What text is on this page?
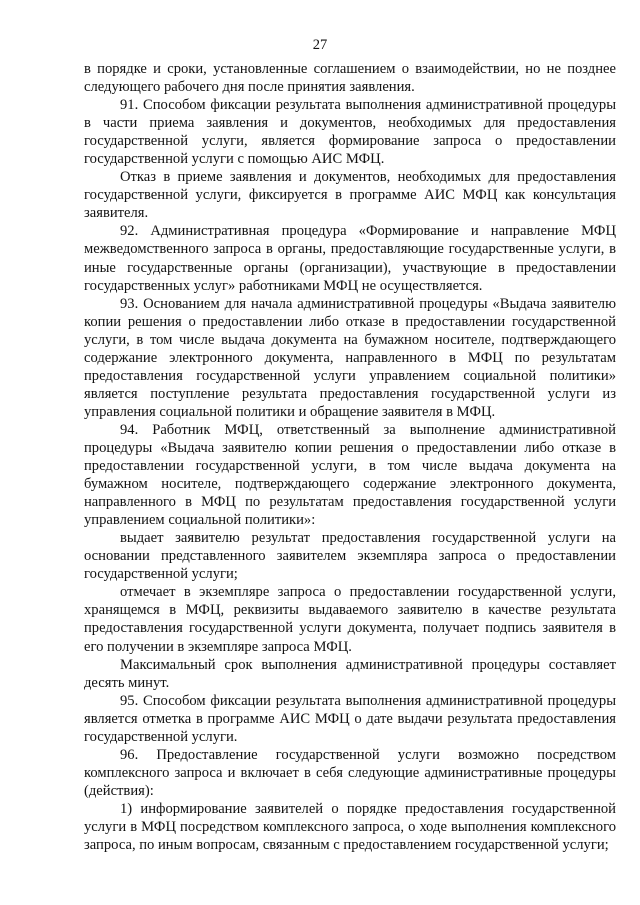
27

в порядке и сроки, установленные соглашением о взаимодействии, но не позднее следующего рабочего дня после принятия заявления.

91. Способом фиксации результата выполнения административной процедуры в части приема заявления и документов, необходимых для предоставления государственной услуги, является формирование запроса о предоставлении государственной услуги с помощью АИС МФЦ.

Отказ в приеме заявления и документов, необходимых для предоставления государственной услуги, фиксируется в программе АИС МФЦ как консультация заявителя.

92. Административная процедура «Формирование и направление МФЦ межведомственного запроса в органы, предоставляющие государственные услуги, в иные государственные органы (организации), участвующие в предоставлении государственных услуг» работниками МФЦ не осуществляется.

93. Основанием для начала административной процедуры «Выдача заявителю копии решения о предоставлении либо отказе в предоставлении государственной услуги, в том числе выдача документа на бумажном носителе, подтверждающего содержание электронного документа, направленного в МФЦ по результатам предоставления государственной услуги управлением социальной политики» является поступление результата предоставления государственной услуги из управления социальной политики и обращение заявителя в МФЦ.

94. Работник МФЦ, ответственный за выполнение административной процедуры «Выдача заявителю копии решения о предоставлении либо отказе в предоставлении государственной услуги, в том числе выдача документа на бумажном носителе, подтверждающего содержание электронного документа, направленного в МФЦ по результатам предоставления государственной услуги управлением социальной политики»:

выдает заявителю результат предоставления государственной услуги на основании представленного заявителем экземпляра запроса о предоставлении государственной услуги;

отмечает в экземпляре запроса о предоставлении государственной услуги, хранящемся в МФЦ, реквизиты выдаваемого заявителю в качестве результата предоставления государственной услуги документа, получает подпись заявителя в его получении в экземпляре запроса МФЦ.

Максимальный срок выполнения административной процедуры составляет десять минут.

95. Способом фиксации результата выполнения административной процедуры является отметка в программе АИС МФЦ о дате выдачи результата предоставления государственной услуги.

96. Предоставление государственной услуги возможно посредством комплексного запроса и включает в себя следующие административные процедуры (действия):

1) информирование заявителей о порядке предоставления государственной услуги в МФЦ посредством комплексного запроса, о ходе выполнения комплексного запроса, по иным вопросам, связанным с предоставлением государственной услуги;
